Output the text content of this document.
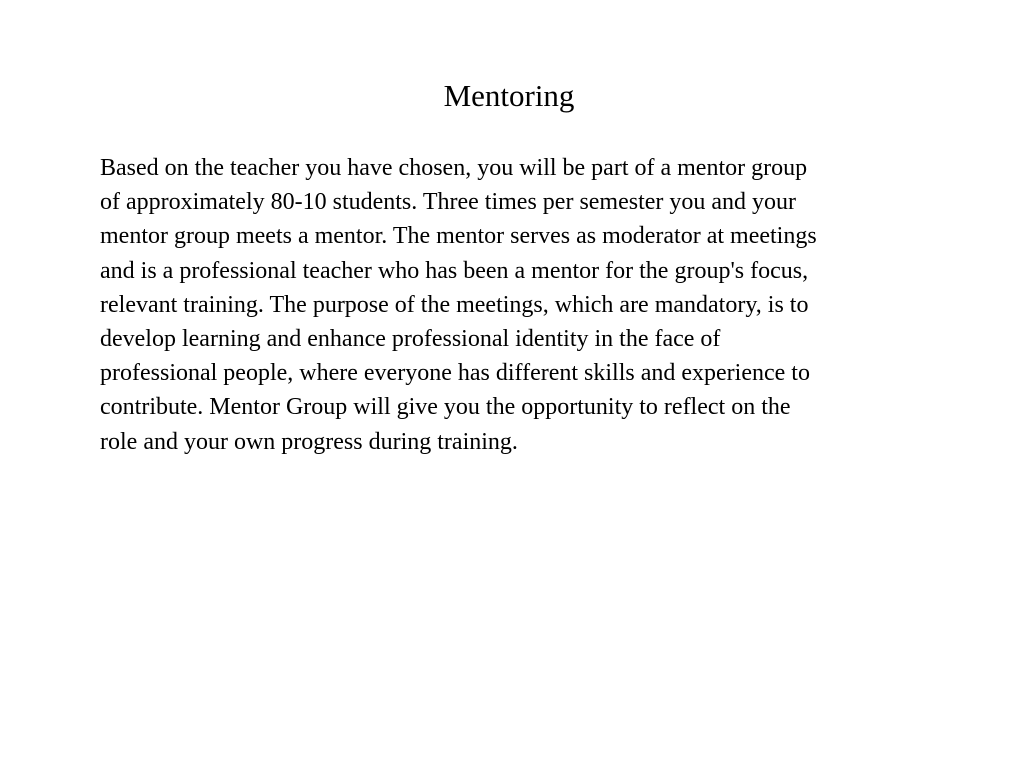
Mentoring
Based on the teacher you have chosen, you will be part of a mentor group
of approximately 80-10 students. Three times per semester you and your
mentor group meets a mentor. The mentor serves as moderator at meetings
and is a professional teacher who has been a mentor for the group's focus,
relevant training. The purpose of the meetings, which are mandatory, is to
develop learning and enhance professional identity in the face of
professional people, where everyone has different skills and experience to
contribute. Mentor Group will give you the opportunity to reflect on the
role and your own progress during training.
